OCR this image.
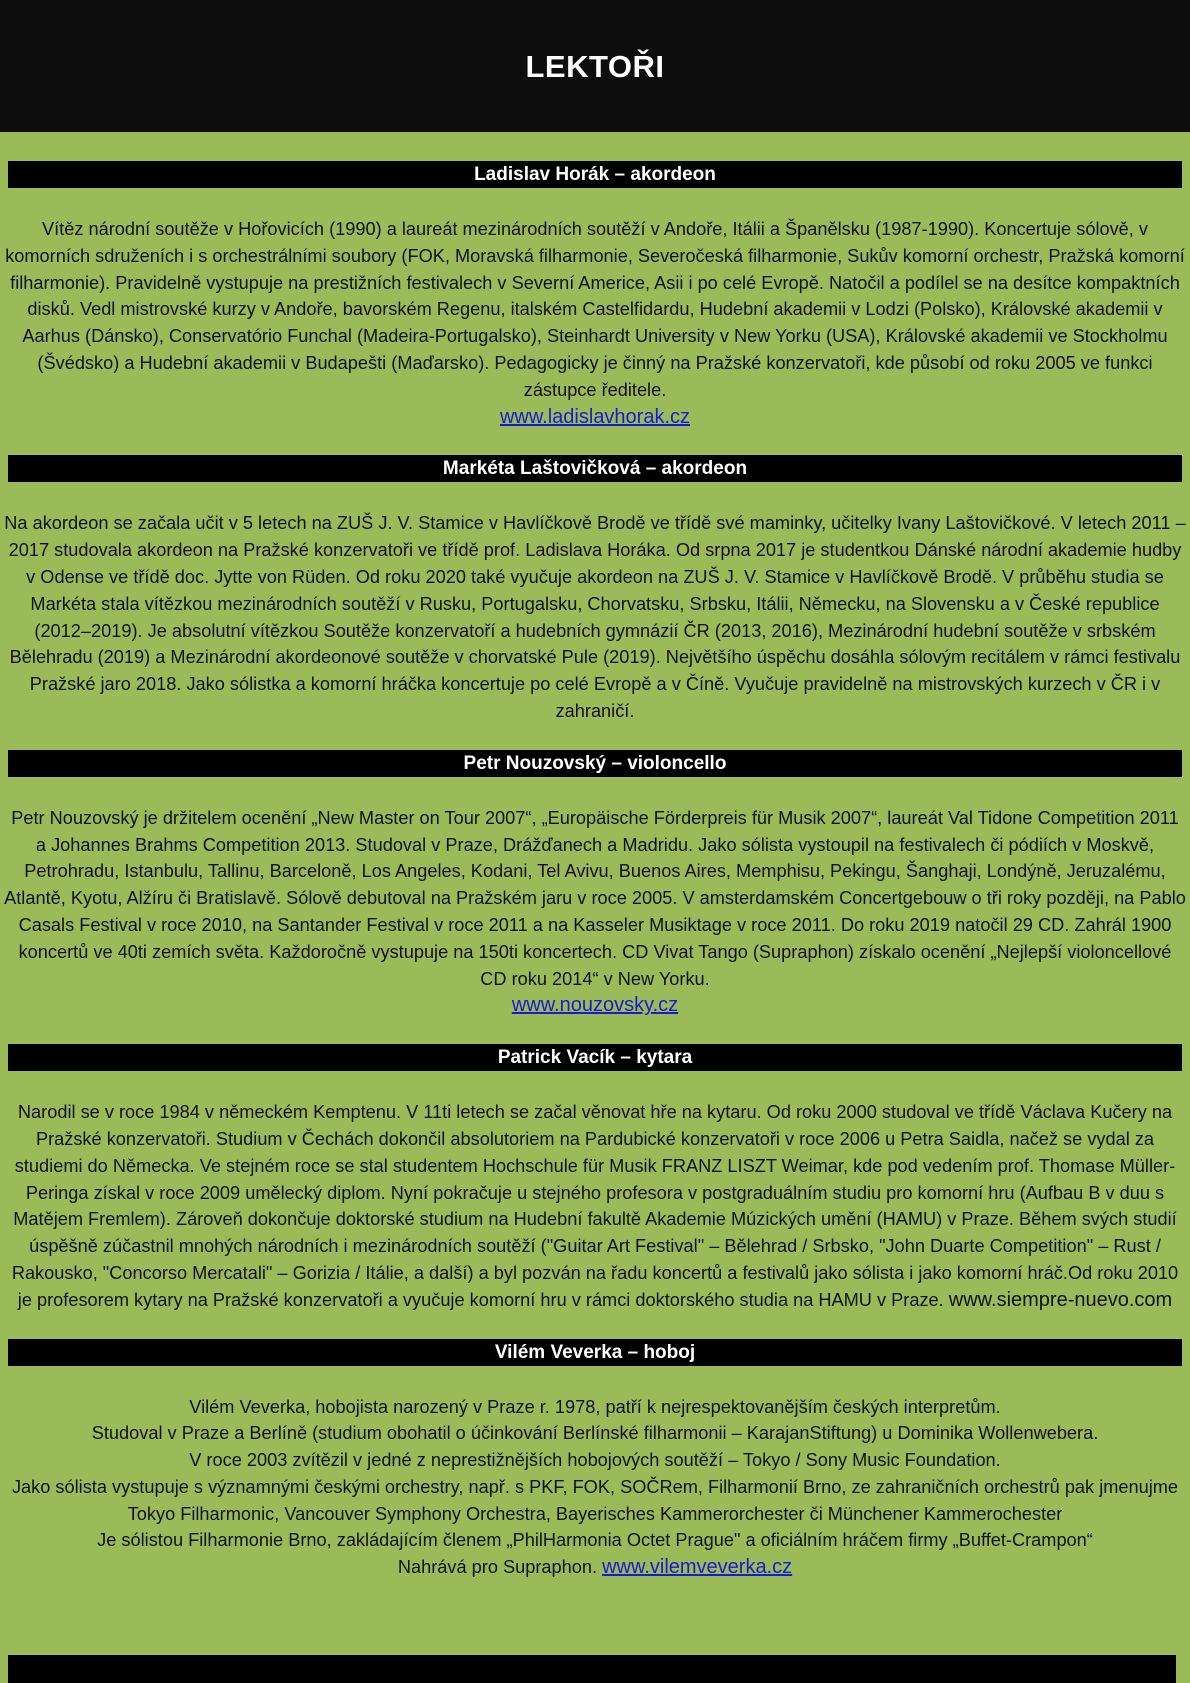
LEKTOŘI
Ladislav Horák – akordeon

Vítěz národní soutěže v Hořovicích (1990) a laureát mezinárodních soutěží v Andoře, Itálii a Španělsku (1987-1990). Koncertuje sólově, v komorních sdruženích i s orchestrálními soubory (FOK, Moravská filharmonie, Severočeská filharmonie, Sukův komorní orchestr, Pražská komorní filharmonie). Pravidelně vystupuje na prestižních festivalech v Severní Americe, Asii i po celé Evropě. Natočil a podílel se na desítce kompaktních disků. Vedl mistrovské kurzy v Andoře, bavorském Regenu, italském Castelfidardu, Hudební akademii v Lodzi (Polsko), Královské akademii v Aarhus (Dánsko), Conservatório Funchal (Madeira-Portugalsko), Steinhardt University v New Yorku (USA), Královské akademii ve Stockholmu (Švédsko) a Hudební akademii v Budapešti (Maďarsko). Pedagogicky je činný na Pražské konzervatoři, kde působí od roku 2005 ve funkci zástupce ředitele.

www.ladislavhorak.cz
Markéta Laštovičková – akordeon

Na akordeon se začala učit v 5 letech na ZUŠ J. V. Stamice v Havlíčkově Brodě ve třídě své maminky, učitelky Ivany Laštovičkové. V letech 2011 – 2017 studovala akordeon na Pražské konzervatoři ve třídě prof. Ladislava Horáka. Od srpna 2017 je studentkou Dánské národní akademie hudby v Odense ve třídě doc. Jytte von Rüden. Od roku 2020 také vyučuje akordeon na ZUŠ J. V. Stamice v Havlíčkově Brodě. V průběhu studia se Markéta stala vítězkou mezinárodních soutěží v Rusku, Portugalsku, Chorvatsku, Srbsku, Itálii, Německu, na Slovensku a v České republice (2012–2019). Je absolutní vítězkou Soutěže konzervatoří a hudebních gymnázií ČR (2013, 2016), Mezinárodní hudební soutěže v srbském Bělehradu (2019) a Mezinárodní akordeonové soutěže v chorvatské Pule (2019). Největšího úspěchu dosáhla sólovým recitálem v rámci festivalu Pražské jaro 2018. Jako sólistka a komorní hráčka koncertuje po celé Evropě a v Číně. Vyučuje pravidelně na mistrovských kurzech v ČR i v zahraničí.

Petr Nouzovský – violoncello

Petr Nouzovský je držitelem ocenění „New Master on Tour 2007“, „Europäische Förderpreis für Musik 2007“, laureát Val Tidone Competition 2011 a Johannes Brahms Competition 2013. Studoval v Praze, Drážďanech a Madridu. Jako sólista vystoupil na festivalech či pódiích v Moskvě, Petrohradu, Istanbulu, Tallinu, Barceloně, Los Angeles, Kodani, Tel Avivu, Buenos Aires, Memphisu, Pekingu, Šanghaji, Londýně, Jeruzalému, Atlantě, Kyotu, Alžíru či Bratislavě. Sólově debutoval na Pražském jaru v roce 2005. V amsterdamském Concertgebouw o tři roky později, na Pablo Casals Festival v roce 2010, na Santander Festival v roce 2011 a na Kasseler Musiktage v roce 2011. Do roku 2019 natočil 29 CD. Zahrál 1900 koncertů ve 40ti zemích světa. Každoročně vystupuje na 150ti koncertech. CD Vivat Tango (Supraphon) získalo ocenění „Nejlepší violoncellové CD roku 2014“ v New Yorku.

www.nouzovsky.cz
Patrick Vacík – kytara

Narodil se v roce 1984 v německém Kemptenu. V 11ti letech se začal věnovat hře na kytaru. Od roku 2000 studoval ve třídě Václava Kučery na Pražské konzervatoři. Studium v Čechách dokončil absolutoriem na Pardubické konzervatoři v roce 2006 u Petra Saidla, načež se vydal za studiemi do Německa. Ve stejném roce se stal studentem Hochschule für Musik FRANZ LISZT Weimar, kde pod vedením prof. Thomase Müller-Peringa získal v roce 2009 umělecký diplom. Nyní pokračuje u stejného profesora v postgraduálním studiu pro komorní hru (Aufbau B v duu s Matějem Fremlem). Zároveň dokončuje doktorské studium na Hudební fakultě Akademie Múzických umění (HAMU) v Praze. Během svých studií úspěšně zúčastnil mnohých národních i mezinárodních soutěží ("Guitar Art Festival" – Bělehrad / Srbsko, "John Duarte Competition" – Rust / Rakousko, "Concorso Mercatali" – Gorizia / Itálie, a další) a byl pozván na řadu koncertů a festivalů jako sólista i jako komorní hráč.Od roku 2010 je profesorem kytary na Pražské konzervatoři a vyučuje komorní hru v rámci doktorského studia na HAMU v Praze. www.siempre-nuevo.com

Vilém Veverka – hoboj

Vilém Veverka, hobojista narozený v Praze r. 1978, patří k nejrespektovanějším českých interpretům.

Studoval v Praze a Berlíně (studium obohatil o účinkování Berlínské filharmonii – KarajanStiftung) u Dominika Wollenwebera.

V roce 2003 zvítězil v jedné z neprestižnějších hobojových soutěží – Tokyo / Sony Music Foundation.

Jako sólista vystupuje s významnými českými orchestry, např. s PKF, FOK, SOČRem, Filharmonií Brno, ze zahraničních orchestrů pak jmenujme Tokyo Filharmonic, Vancouver Symphony Orchestra, Bayerisches Kammerorchester či Münchener Kammerochester

Je sólistou Filharmonie Brno, zakládajícím členem „PhilHarmonia Octet Prague" a oficiálním hráčem firmy „Buffet-Crampon“

Nahrává pro Supraphon. www.vilemveverka.cz
